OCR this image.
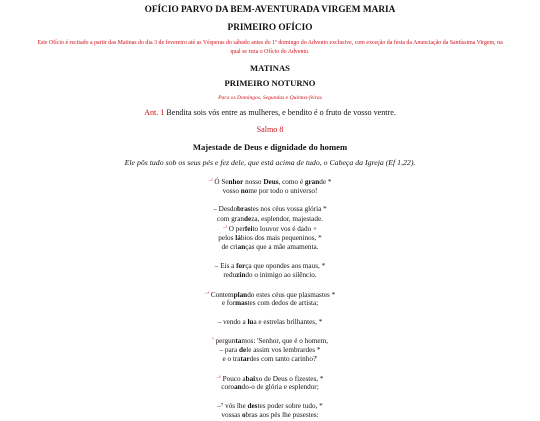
OFÍCIO PARVO DA BEM-AVENTURADA VIRGEM MARIA
PRIMEIRO OFÍCIO
Este Ofício é recitado a partir das Matinas do dia 3 de fevereiro até as Vésperas do sábado antes do 1º domingo do Advento exclusive, com exceção da festa da Anunciação da Santíssima Virgem, na
qual se reza o Ofício do Advento.
MATINAS
PRIMEIRO NOTURNO
Para os Domingos, Segundas e Quintas-feiras
Ant. 1 Bendita sois vós entre as mulheres, e bendito é o fruto de vosso ventre.
Salmo 8
Majestade de Deus e dignidade do homem
Ele pôs tudo sob os seus pés e fez dele, que está acima de tudo, o Cabeça da Igreja (Ef 1,22).
$^{-^2}$ Ó Senhor nosso Deus, como é grande *
vosso nome por todo o universo!
– Desdobrastes nos céus vossa glória *
com grandeza, esplendor, majestade.
$^{-^3}$ O perfeito louvor vos é dado +
pelos lábios dos mais pequeninos, *
de crianças que a mãe amamenta.
– Eis a força que opondes aos maus, *
reduzindo o inimigo ao silêncio.
$^{-^4}$ Contemplando estes céus que plasmastes *
e formastes com dedos de artista;
– vendo a lua e estrelas brilhantes, *
$^{^5}$ perguntamos: 'Senhor, que é o homem,
– para dele assim vos lembrardes *
e o tratardes com tanto carinho?'
$^{-^6}$ Pouco abaixo de Deus o fizestes, *
coroando-o de glória e esplendor;
–⁷ vós lhe destes poder sobre tudo, *
vossas obras aos pés lhe pusestes:
